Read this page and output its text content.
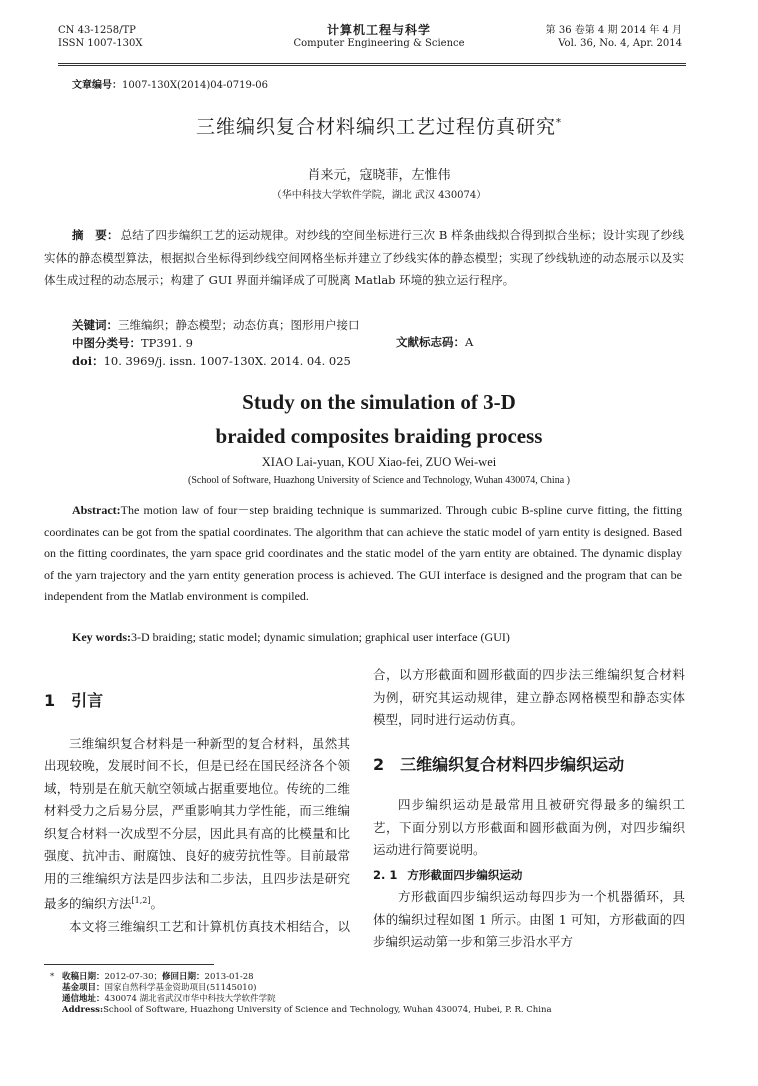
CN 43-1258/TP
ISSN 1007-130X
计算机工程与科学
Computer Engineering & Science
第 36 卷第 4 期 2014 年 4 月
Vol. 36, No. 4, Apr. 2014
文章编号：1007-130X(2014)04-0719-06
三维编织复合材料编织工艺过程仿真研究*
肖来元，寇晓菲，左惟伟
（华中科技大学软件学院，湖北 武汉 430074）
摘　要： 总结了四步编织工艺的运动规律。对纱线的空间坐标进行三次 B 样条曲线拟合得到拟合坐标；设计实现了纱线实体的静态模型算法，根据拟合坐标得到纱线空间网格坐标并建立了纱线实体的静态模型；实现了纱线轨迹的动态展示以及实体生成过程的动态展示；构建了 GUI 界面并编译成了可脱离 Matlab 环境的独立运行程序。
关键词：三维编织；静态模型；动态仿真；图形用户接口
中图分类号：TP391. 9	文献标志码：A
doi：10. 3969/j. issn. 1007-130X. 2014. 04. 025
Study on the simulation of 3-D
braided composites braiding process
XIAO Lai-yuan, KOU Xiao-fei, ZUO Wei-wei
(School of Software, Huazhong University of Science and Technology, Wuhan 430074, China )
Abstract:The motion law of four－step braiding technique is summarized. Through cubic B-spline curve fitting, the fitting coordinates can be got from the spatial coordinates. The algorithm that can achieve the static model of yarn entity is designed. Based on the fitting coordinates, the yarn space grid coordinates and the static model of the yarn entity are obtained. The dynamic display of the yarn trajectory and the yarn entity generation process is achieved. The GUI interface is designed and the program that can be independent from the Matlab environment is compiled.
Key words:3-D braiding; static model; dynamic simulation; graphical user interface (GUI)
1 引言

三维编织复合材料是一种新型的复合材料，虽然其出现较晚，发展时间不长，但是已经在国民经济各个领域，特别是在航天航空领域占据重要地位。传统的二维材料受力之后易分层，严重影响其力学性能，而三维编织复合材料一次成型不分层，因此具有高的比模量和比强度、抗冲击、耐腐蚀、良好的疲劳抗性等。目前最常用的三维编织方法是四步法和二步法，且四步法是研究最多的编织方法[1,2]。

本文将三维编织工艺和计算机仿真技术相结合，以

合，以方形截面和圆形截面的四步法三维编织复合材料为例，研究其运动规律，建立静态网格模型和静态实体模型，同时进行运动仿真。

2 三维编织复合材料四步编织运动

四步编织运动是最常用且被研究得最多的编织工艺，下面分别以方形截面和圆形截面为例，对四步编织运动进行简要说明。

2. 1 方形截面四步编织运动

方形截面四步编织运动每四步为一个机器循环，具体的编织过程如图 1 所示。由图 1 可知，方形截面的四步编织运动第一步和第三步沿水平方

* 收稿日期：2012-07-30；修回日期：2013-01-28
基金项目：国家自然科学基金资助项目(51145010)
通信地址：430074 湖北省武汉市华中科技大学软件学院
Address:School of Software, Huazhong University of Science and Technology, Wuhan 430074, Hubei, P. R. China
